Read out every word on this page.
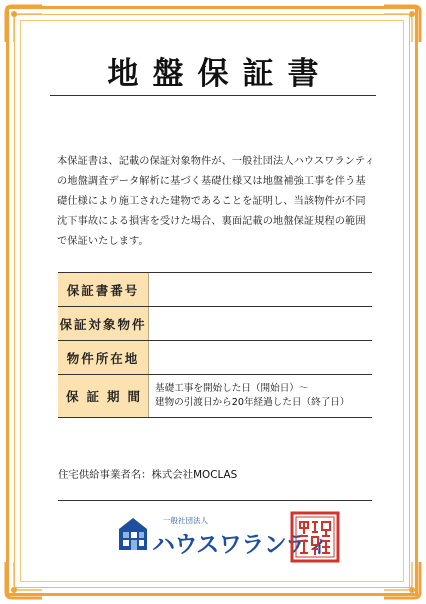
地盤保証書
本保証書は、記載の保証対象物件が、一般社団法人ハウスワランティの地盤調査データ解析に基づく基礎仕様又は地盤補強工事を伴う基礎仕様により施工された建物であることを証明し、当該物件が不同沈下事故による損害を受けた場合、裏面記載の地盤保証規程の範囲で保証いたします。
保証書番号
保証対象物件
物件所在地
保証期間
基礎工事を開始した日（開始日）～
建物の引渡日から20年経過した日（終了日）
住宅供給事業者名：株式会社MOCLAS
一般社団法人
ハウスワランティ
